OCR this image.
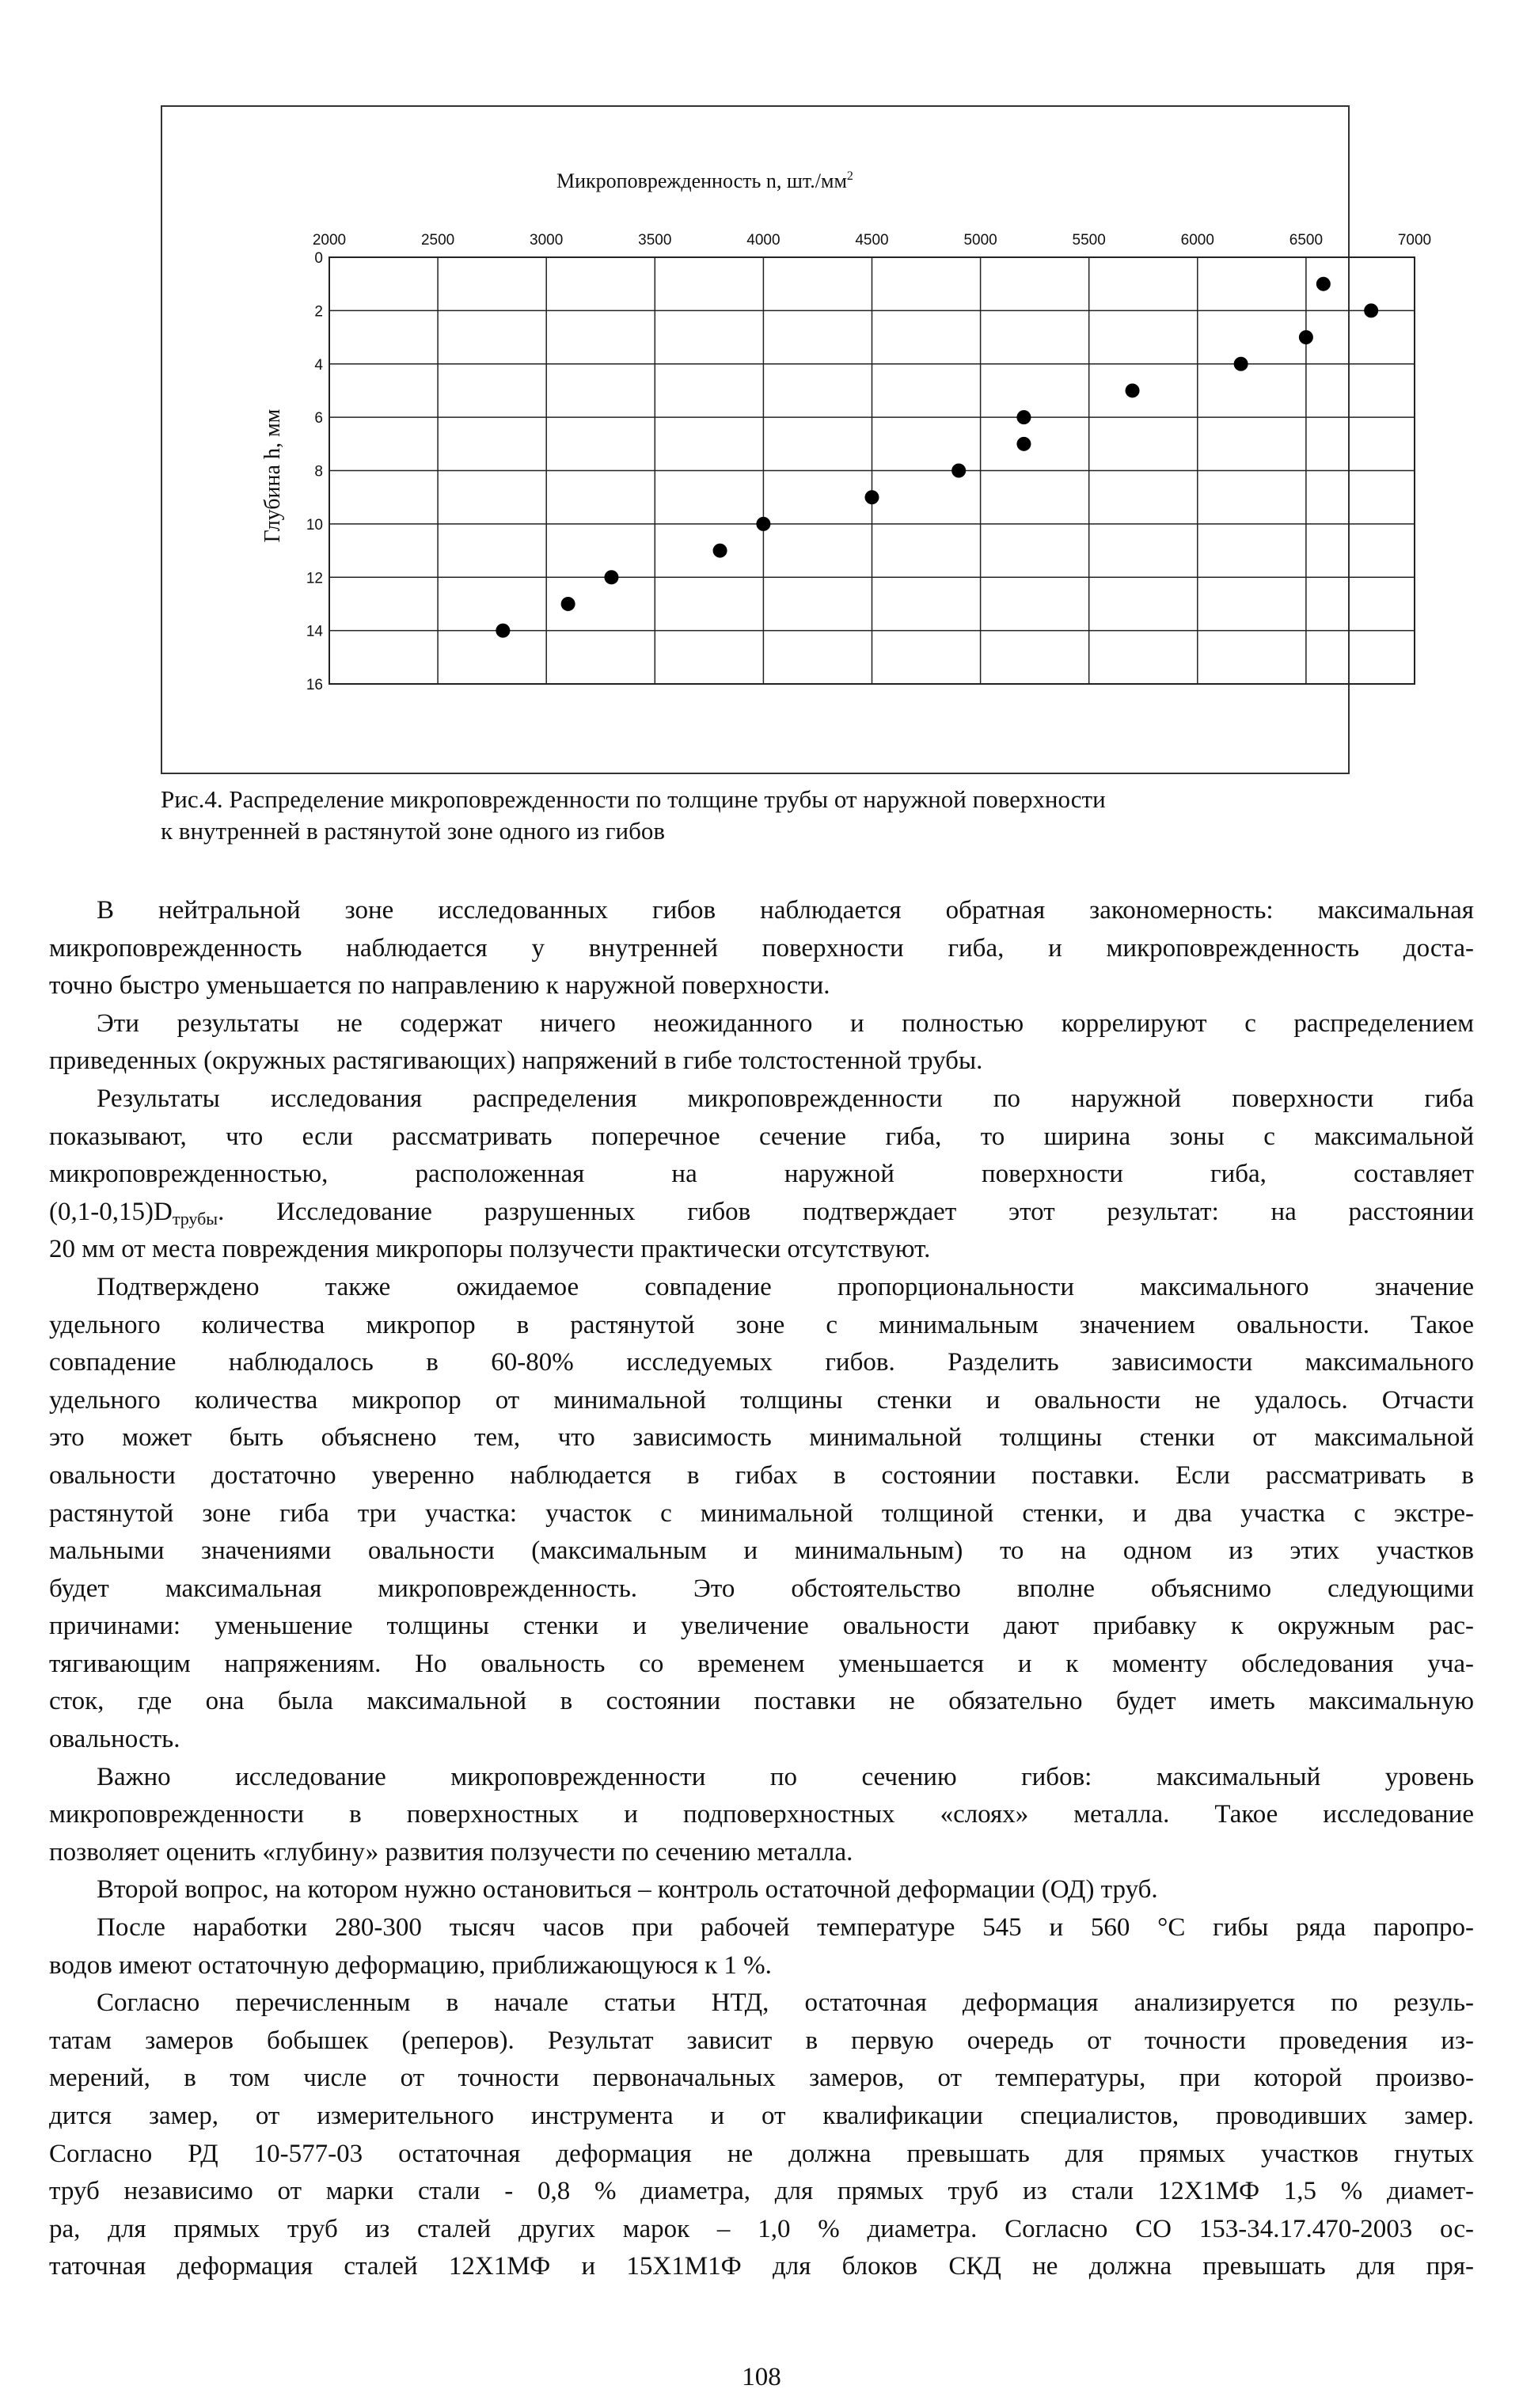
2000	2500	3000	3500	4000	4500	5000	5500	6000	6500	7000
0
2
4
6
8
10
12
14
16
Микроповрежденность n, $шт./мм^2$
Глубина h, мм

Рис.4. Распределение микроповрежденности по толщине трубы от наружной поверхности

к внутренней в растянутой зоне одного из гибов

В нейтральной зоне исследованных гибов наблюдается обратная закономерность: максимальная
микроповрежденность наблюдается у внутренней поверхности гиба, и микроповрежденность доста-
точно быстро уменьшается по направлению к наружной поверхности.
Эти результаты не содержат ничего неожиданного и полностью коррелируют с распределением
приведенных (окружных растягивающих) напряжений в гибе толстостенной трубы.
Результаты исследования распределения микроповрежденности по наружной поверхности гиба
показывают, что если рассматривать поперечное сечение гиба, то ширина зоны с максимальной
микроповрежденностью, расположенная на наружной поверхности гиба, составляет
$(0,1-0,15)D_{трубы}$. Исследование разрушенных гибов подтверждает этот результат: на расстоянии
20 мм от места повреждения микропоры ползучести практически отсутствуют.
Подтверждено также ожидаемое совпадение пропорциональности максимального значение
удельного количества микропор в растянутой зоне с минимальным значением овальности. Такое
совпадение наблюдалось в 60-80% исследуемых гибов. Разделить зависимости максимального
удельного количества микропор от минимальной толщины стенки и овальности не удалось. Отчасти
это может быть объяснено тем, что зависимость минимальной толщины стенки от максимальной
овальности достаточно уверенно наблюдается в гибах в состоянии поставки. Если рассматривать в
растянутой зоне гиба три участка: участок с минимальной толщиной стенки, и два участка с экстре-
мальными значениями овальности (максимальным и минимальным) то на одном из этих участков
будет максимальная микроповрежденность. Это обстоятельство вполне объяснимо следующими
причинами: уменьшение толщины стенки и увеличение овальности дают прибавку к окружным рас-
тягивающим напряжениям. Но овальность со временем уменьшается и к моменту обследования уча-
сток, где она была максимальной в состоянии поставки не обязательно будет иметь максимальную
овальность.
Важно исследование микроповрежденности по сечению гибов: максимальный уровень
микроповрежденности в поверхностных и подповерхностных «слоях» металла. Такое исследование
позволяет оценить «глубину» развития ползучести по сечению металла.
Второй вопрос, на котором нужно остановиться – контроль остаточной деформации (ОД) труб.
После наработки 280-300 тысяч часов при рабочей температуре 545 и 560 °С гибы ряда паропро-
водов имеют остаточную деформацию, приближающуюся к 1 %.
Согласно перечисленным в начале статьи НТД, остаточная деформация анализируется по резуль-
татам замеров бобышек (реперов). Результат зависит в первую очередь от точности проведения из-
мерений, в том числе от точности первоначальных замеров, от температуры, при которой произво-
дится замер, от измерительного инструмента и от квалификации специалистов, проводивших замер.
Согласно РД 10-577-03 остаточная деформация не должна превышать для прямых участков гнутых
труб независимо от марки стали - 0,8 % диаметра, для прямых труб из стали 12Х1МФ 1,5 % диамет-
ра, для прямых труб из сталей других марок – 1,0 % диаметра. Согласно СО 153-34.17.470-2003 ос-
таточная деформация сталей 12Х1МФ и 15Х1М1Ф для блоков СКД не должна превышать для пря-
108
